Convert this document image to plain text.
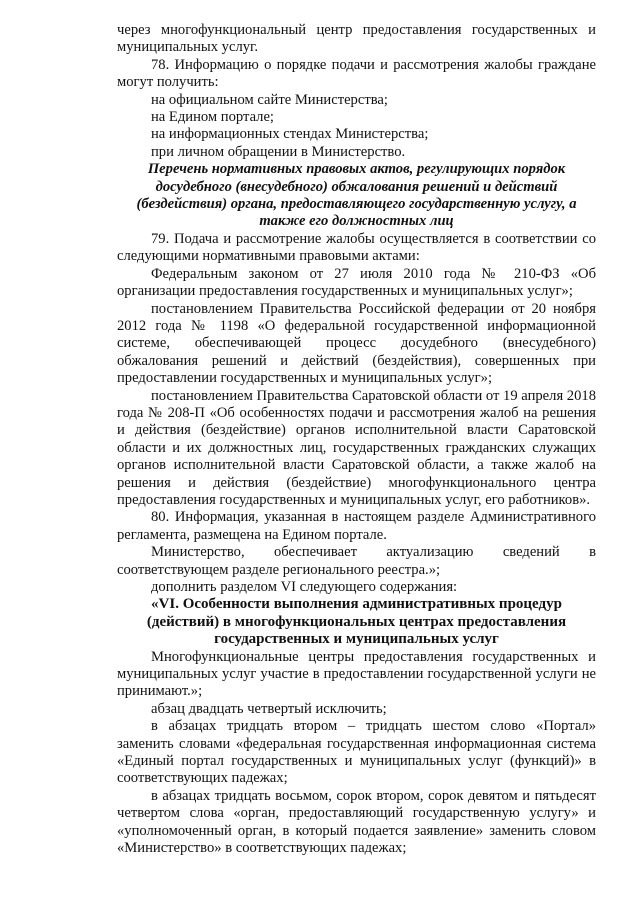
через многофункциональный центр предоставления государственных и муниципальных услуг.

78. Информацию о порядке подачи и рассмотрения жалобы граждане могут получить:

на официальном сайте Министерства;

на Едином портале;

на информационных стендах Министерства;

при личном обращении в Министерство.

Перечень нормативных правовых актов, регулирующих порядок досудебного (внесудебного) обжалования решений и действий (бездействия) органа, предоставляющего государственную услугу, а также его должностных лиц

79. Подача и рассмотрение жалобы осуществляется в соответствии со следующими нормативными правовыми актами:

Федеральным законом от 27 июля 2010 года № 210-ФЗ «Об организации предоставления государственных и муниципальных услуг»;

постановлением Правительства Российской федерации от 20 ноября 2012 года № 1198 «О федеральной государственной информационной системе, обеспечивающей процесс досудебного (внесудебного) обжалования решений и действий (бездействия), совершенных при предоставлении государственных и муниципальных услуг»;

постановлением Правительства Саратовской области от 19 апреля 2018 года № 208-П «Об особенностях подачи и рассмотрения жалоб на решения и действия (бездействие) органов исполнительной власти Саратовской области и их должностных лиц, государственных гражданских служащих органов исполнительной власти Саратовской области, а также жалоб на решения и действия (бездействие) многофункционального центра предоставления государственных и муниципальных услуг, его работников».

80. Информация, указанная в настоящем разделе Административного регламента, размещена на Едином портале.

Министерство, обеспечивает актуализацию сведений в соответствующем разделе регионального реестра.»;

дополнить разделом VI следующего содержания:

«VI. Особенности выполнения административных процедур (действий) в многофункциональных центрах предоставления государственных и муниципальных услуг

Многофункциональные центры предоставления государственных и муниципальных услуг участие в предоставлении государственной услуги не принимают.»;

абзац двадцать четвертый исключить;

в абзацах тридцать втором – тридцать шестом слово «Портал» заменить словами «федеральная государственная информационная система «Единый портал государственных и муниципальных услуг (функций)» в соответствующих падежах;

в абзацах тридцать восьмом, сорок втором, сорок девятом и пятьдесят четвертом слова «орган, предоставляющий государственную услугу» и «уполномоченный орган, в который подается заявление» заменить словом «Министерство» в соответствующих падежах;
